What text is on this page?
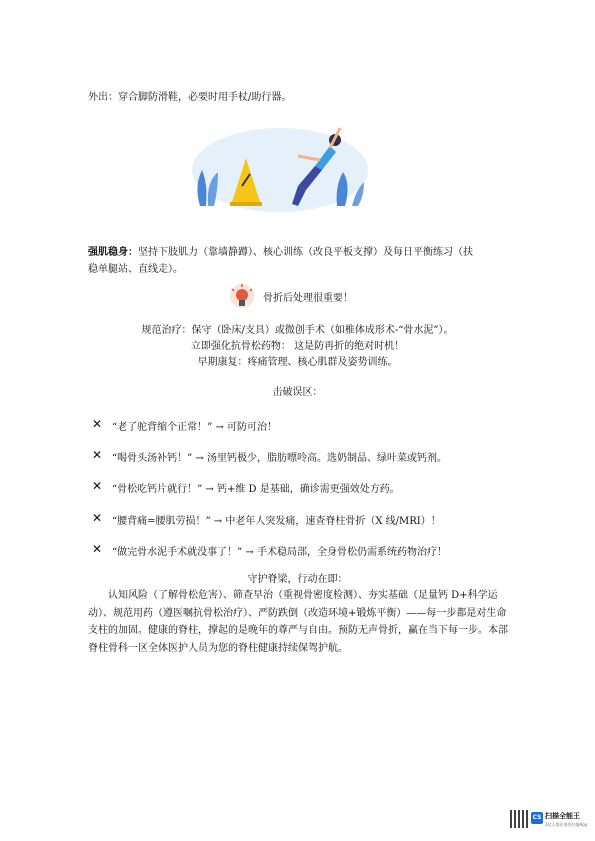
外出：穿合脚防滑鞋，必要时用手杖/助行器。
强肌稳身：坚持下肢肌力（靠墙静蹲）、核心训练（改良平板支撑）及每日平衡练习（扶
稳单腿站、直线走）。
骨折后处理很重要！
规范治疗：保守（卧床/支具）或微创手术（如椎体成形术-“骨水泥”）。
立即强化抗骨松药物： 这是防再折的绝对时机！
早期康复：疼痛管理、核心肌群及姿势训练。
击破误区：
✕ “老了驼背缩个正常！” → 可防可治！
✕ “喝骨头汤补钙！” → 汤里钙极少，脂肪嘌呤高。选奶制品、绿叶菜或钙剂。
✕ “骨松吃钙片就行！” → 钙+维 D 是基础，确诊需更强效处方药。
✕ “腰背痛=腰肌劳损！” → 中老年人突发痛，速查脊柱骨折（X 线/MRI）！
✕ “做完骨水泥手术就没事了！” → 手术稳局部，全身骨松仍需系统药物治疗！
守护脊梁，行动在即：
认知风险（了解骨松危害）、筛查早治（重视骨密度检测）、夯实基础（足量钙 D+科学运动）、规范用药（遵医嘱抗骨松治疗）、严防跌倒（改造环境+锻炼平衡）——每一步都是对生命支柱的加固。健康的脊柱，撑起的是晚年的尊严与自由。预防无声骨折，赢在当下每一步。本部脊柱骨科一区全体医护人员为您的脊柱健康持续保驾护航。
CS 扫描全能王
3亿人都在用的扫描App
